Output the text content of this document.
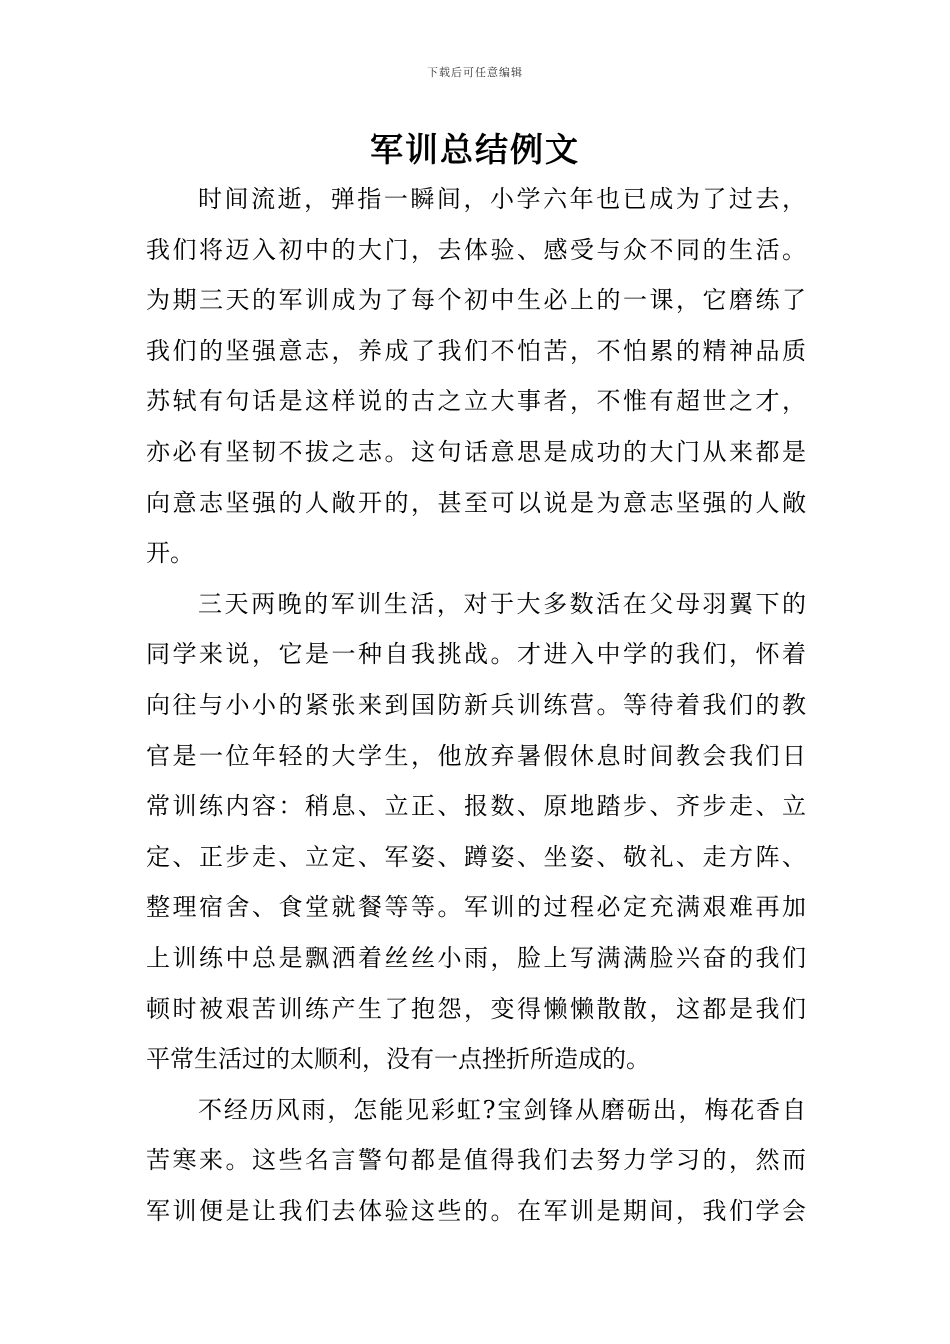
下载后可任意编辑
军训总结例文
时间流逝，弹指一瞬间，小学六年也已成为了过去，
我们将迈入初中的大门，去体验、感受与众不同的生活。
为期三天的军训成为了每个初中生必上的一课，它磨练了
我们的坚强意志，养成了我们不怕苦，不怕累的精神品质
苏轼有句话是这样说的古之立大事者，不惟有超世之才，
亦必有坚韧不拔之志。这句话意思是成功的大门从来都是
向意志坚强的人敞开的，甚至可以说是为意志坚强的人敞
开。
三天两晚的军训生活，对于大多数活在父母羽翼下的
同学来说，它是一种自我挑战。才进入中学的我们，怀着
向往与小小的紧张来到国防新兵训练营。等待着我们的教
官是一位年轻的大学生，他放弃暑假休息时间教会我们日
常训练内容：稍息、立正、报数、原地踏步、齐步走、立
定、正步走、立定、军姿、蹲姿、坐姿、敬礼、走方阵、
整理宿舍、食堂就餐等等。军训的过程必定充满艰难再加
上训练中总是飘洒着丝丝小雨，脸上写满满脸兴奋的我们
顿时被艰苦训练产生了抱怨，变得懒懒散散，这都是我们
平常生活过的太顺利，没有一点挫折所造成的。
不经历风雨，怎能见彩虹?宝剑锋从磨砺出，梅花香自
苦寒来。这些名言警句都是值得我们去努力学习的，然而
军训便是让我们去体验这些的。在军训是期间，我们学会
